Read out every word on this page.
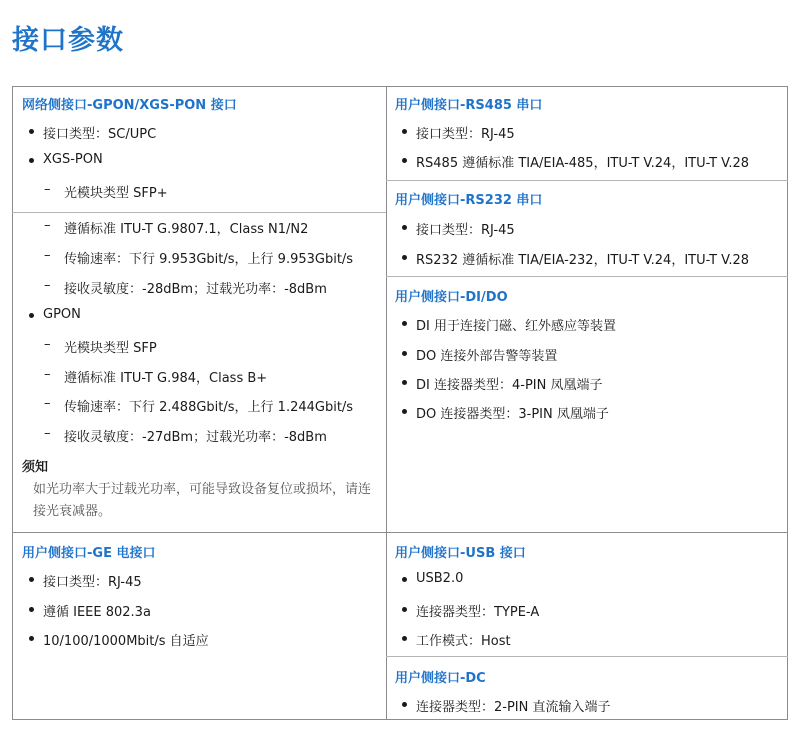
接口参数
网络侧接口-GPON/XGS-PON 接口
接口类型：SC/UPC
XGS-PON
– 光模块类型 SFP+
– 遵循标准 ITU-T G.9807.1，Class N1/N2
– 传输速率：下行 9.953Gbit/s，上行 9.953Gbit/s
– 接收灵敏度：-28dBm；过载光功率：-8dBm
GPON
– 光模块类型 SFP
– 遵循标准 ITU-T G.984，Class B+
– 传输速率：下行 2.488Gbit/s，上行 1.244Gbit/s
– 接收灵敏度：-27dBm；过载光功率：-8dBm
须知
如光功率大于过载光功率，可能导致设备复位或损坏，请连接光衰减器。
用户侧接口-RS485 串口
接口类型：RJ-45
RS485 遵循标准 TIA/EIA-485，ITU-T V.24，ITU-T V.28
用户侧接口-RS232 串口
接口类型：RJ-45
RS232 遵循标准 TIA/EIA-232，ITU-T V.24，ITU-T V.28
用户侧接口-DI/DO
DI 用于连接门磁、红外感应等装置
DO 连接外部告警等装置
DI 连接器类型：4-PIN 凤凰端子
DO 连接器类型：3-PIN 凤凰端子
用户侧接口-GE 电接口
接口类型：RJ-45
遵循 IEEE 802.3a
10/100/1000Mbit/s 自适应
用户侧接口-USB 接口
USB2.0
连接器类型：TYPE-A
工作模式：Host
用户侧接口-DC
连接器类型：2-PIN 直流输入端子
